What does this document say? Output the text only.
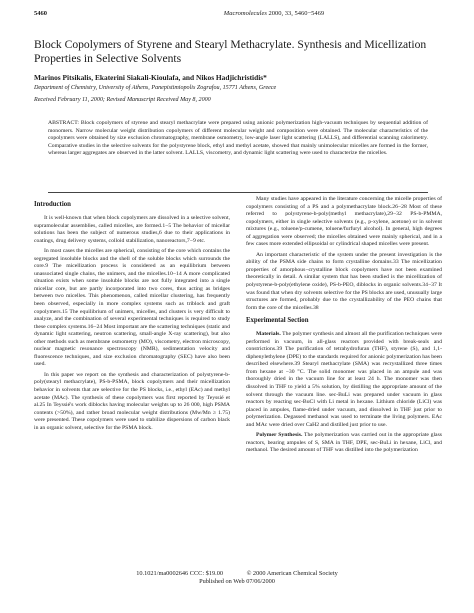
5460	Macromolecules 2000, 33, 5460−5469
Block Copolymers of Styrene and Stearyl Methacrylate. Synthesis and Micellization Properties in Selective Solvents
Marinos Pitsikalis, Ekaterini Siakali-Kioulafa, and Nikos Hadjichristidis*
Department of Chemistry, University of Athens, Panepistimiopolis Zografou, 15771 Athens, Greece
Received February 11, 2000; Revised Manuscript Received May 8, 2000
ABSTRACT: Block copolymers of styrene and stearyl methacrylate were prepared using anionic polymerization high-vacuum techniques by sequential addition of monomers. Narrow molecular weight distribution copolymers of different molecular weight and composition were obtained. The molecular characteristics of the copolymers were obtained by size exclusion chromatography, membrane osmometry, low-angle laser light scattering (LALLS), and differential scanning calorimetry. Comparative studies in the selective solvents for the polystyrene block, ethyl and methyl acetate, showed that mainly unimolecular micelles are formed in the former, whereas larger aggregates are observed in the latter solvent. LALLS, viscometry, and dynamic light scattering were used to characterize the micelles.
Introduction

It is well-known that when block copolymers are dissolved in a selective solvent, supramolecular assemblies, called micelles, are formed.1−5 The behavior of micellar solutions has been the subject of numerous studies,6 due to their applications in coatings, drug delivery systems, colloid stabilization, nanoreactors,7−9 etc.

In most cases the micelles are spherical, consisting of the core which contains the segregated insoluble blocks and the shell of the soluble blocks which surrounds the core.9 The micellization process is considered as an equilibrium between unassociated single chains, the unimers, and the micelles.10−14 A more complicated situation exists when some insoluble blocks are not fully integrated into a single micellar core, but are partly incorporated into two cores, thus acting as bridges between two micelles. This phenomenon, called micellar clustering, has frequently been observed, especially in more complex systems such as triblock and graft copolymers.15 The equilibrium of unimers, micelles, and clusters is very difficult to analyze, and the combination of several experimental techniques is required to study these complex systems.16−24 Most important are the scattering techniques (static and dynamic light scattering, neutron scattering, small-angle X-ray scattering), but also other methods such as membrane osmometry (MO), viscometry, electron microscopy, nuclear magnetic resonance spectroscopy (NMR), sedimentation velocity and fluorescence techniques, and size exclusion chromatography (SEC) have also been used.

In this paper we report on the synthesis and characterization of polystyrene-b-poly(stearyl methacrylate), PS-b-PSMA, block copolymers and their micellization behavior in solvents that are selective for the PS blocks, i.e., ethyl (EAc) and methyl acetate (MAc). The synthesis of these copolymers was first reported by Teyssié et al.25 In Teyssié's work diblocks having molecular weights up to 26 000, high PSMA contents (>50%), and rather broad molecular weight distributions (Mw/Mn ≥ 1.75) were presented. These copolymers were used to stabilize dispersions of carbon black in an organic solvent, selective for the PSMA block.

Many studies have appeared in the literature concerning the micelle properties of copolymers consisting of a PS and a polymethacrylate block.26−28 Most of these referred to polystyrene-b-poly(methyl methacrylate),29−32 PS-b-PMMA, copolymers, either in single selective solvents (e.g., p-xylene, acetone) or in solvent mixtures (e.g., toluene/p-cumene, toluene/furfuryl alcohol). In general, high degrees of aggregation were observed; the micelles obtained were mainly spherical, and in a few cases more extended ellipsoidal or cylindrical shaped micelles were present.

An important characteristic of the system under the present investigation is the ability of the PSMA side chains to form crystalline domains.33 The micellization properties of amorphous−crystalline block copolymers have not been examined theoretically in detail. A similar system that has been studied is the micellization of polystyrene-b-poly(ethylene oxide), PS-b-PEO, diblocks in organic solvents.34−37 It was found that when dry solvents selective for the PS blocks are used, unusually large structures are formed, probably due to the crystallizability of the PEO chains that form the core of the micelles.38

Experimental Section

Materials. The polymer synthesis and almost all the purification techniques were performed in vacuum, in all-glass reactors provided with break-seals and constrictions.39 The purification of tetrahydrofuran (THF), styrene (S), and 1,1-diphenylethylene (DPE) to the standards required for anionic polymerization has been described elsewhere.39 Stearyl methacrylate (SMA) was recrystallized three times from hexane at −30 °C. The solid monomer was placed in an ampule and was thoroughly dried in the vacuum line for at least 24 h. The monomer was then dissolved in THF to yield a 5% solution, by distilling the appropriate amount of the solvent through the vacuum line. sec-BuLi was prepared under vacuum in glass reactors by reacting sec-BuCl with Li metal in hexane. Lithium chloride (LiCl) was placed in ampules, flame-dried under vacuum, and dissolved in THF just prior to polymerization. Degassed methanol was used to terminate the living polymers. EAc and MAc were dried over CaH2 and distilled just prior to use.

Polymer Synthesis. The polymerization was carried out in the appropriate glass reactors, bearing ampules of S, SMA in THF, DPE, sec-BuLi in hexane, LiCl, and methanol. The desired amount of THF was distilled into the polymerization

10.1021/ma0002646 CCC: $19.00	© 2000 American Chemical Society
Published on Web 07/06/2000
